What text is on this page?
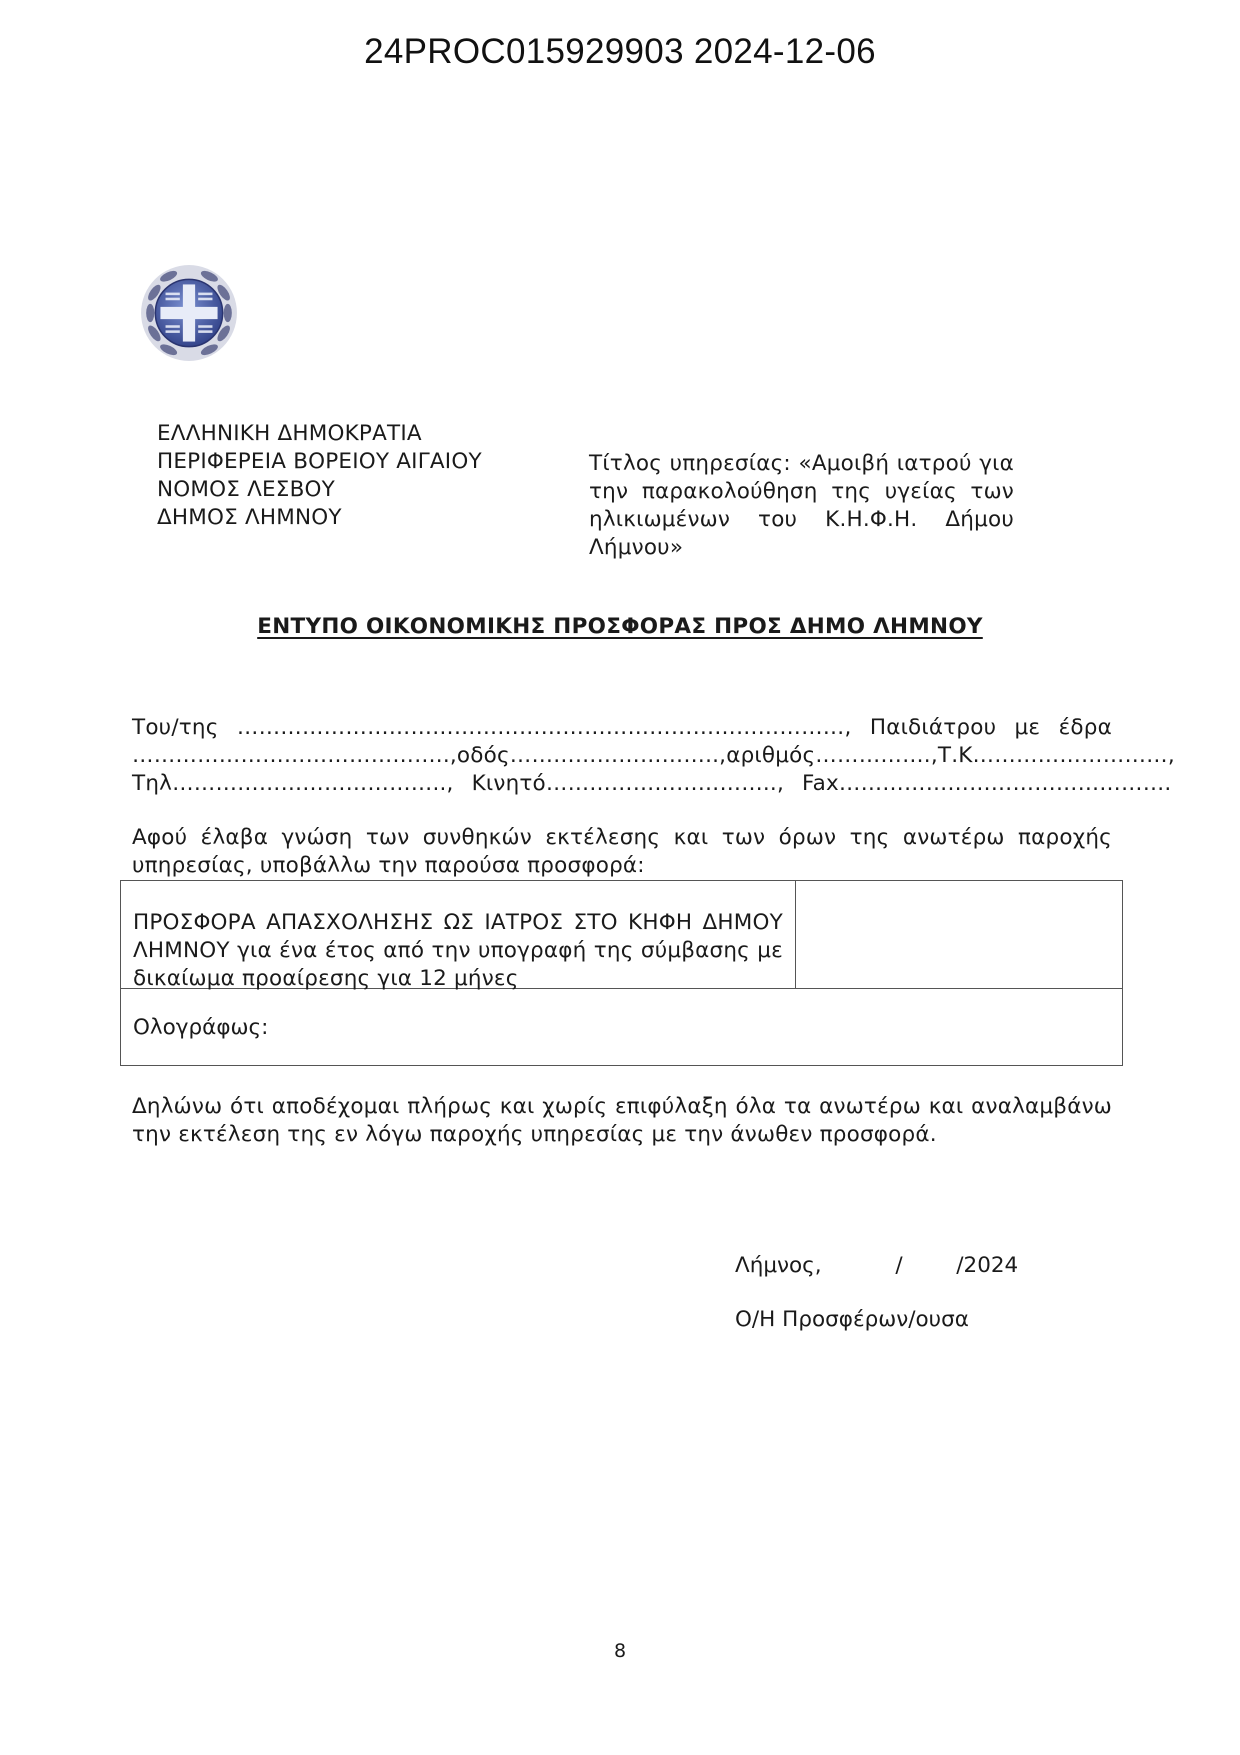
24PROC015929903 2024-12-06
ΕΛΛΗΝΙΚΗ ΔΗΜΟΚΡΑΤΙΑ
ΠΕΡΙΦΕΡΕΙΑ ΒΟΡΕΙΟΥ ΑΙΓΑΙΟΥ
ΝΟΜΟΣ ΛΕΣΒΟΥ
ΔΗΜΟΣ ΛΗΜΝΟΥ
Τίτλος υπηρεσίας: «Αμοιβή ιατρού για την παρακολούθηση της υγείας των ηλικιωμένων του Κ.Η.Φ.Η. Δήμου Λήμνου»
ΕΝΤΥΠΟ ΟΙΚΟΝΟΜΙΚΗΣ ΠΡΟΣΦΟΡΑΣ ΠΡΟΣ ΔΗΜΟ ΛΗΜΝΟΥ
Του/της …………………………………………………………………………, Παιδιάτρου με έδρα
…………………………………….., οδός……………………….., αριθμός……………., Τ.Κ………………………,
Τηλ……………………………….., Κινητό………………………….., Fax……………………………………….
Αφού έλαβα γνώση των συνθηκών εκτέλεσης και των όρων της ανωτέρω παροχής υπηρεσίας, υποβάλλω την παρούσα προσφορά:
ΠΡΟΣΦΟΡΑ ΑΠΑΣΧΟΛΗΣΗΣ ΩΣ ΙΑΤΡΟΣ ΣΤΟ ΚΗΦΗ ΔΗΜΟΥ ΛΗΜΝΟΥ για ένα έτος από την υπογραφή της σύμβασης με δικαίωμα προαίρεσης για 12 μήνες
Ολογράφως:
Δηλώνω ότι αποδέχομαι πλήρως και χωρίς επιφύλαξη όλα τα ανωτέρω και αναλαμβάνω την εκτέλεση της εν λόγω παροχής υπηρεσίας με την άνωθεν προσφορά.
Λήμνος,	/ /2024
Ο/Η Προσφέρων/ουσα
8
